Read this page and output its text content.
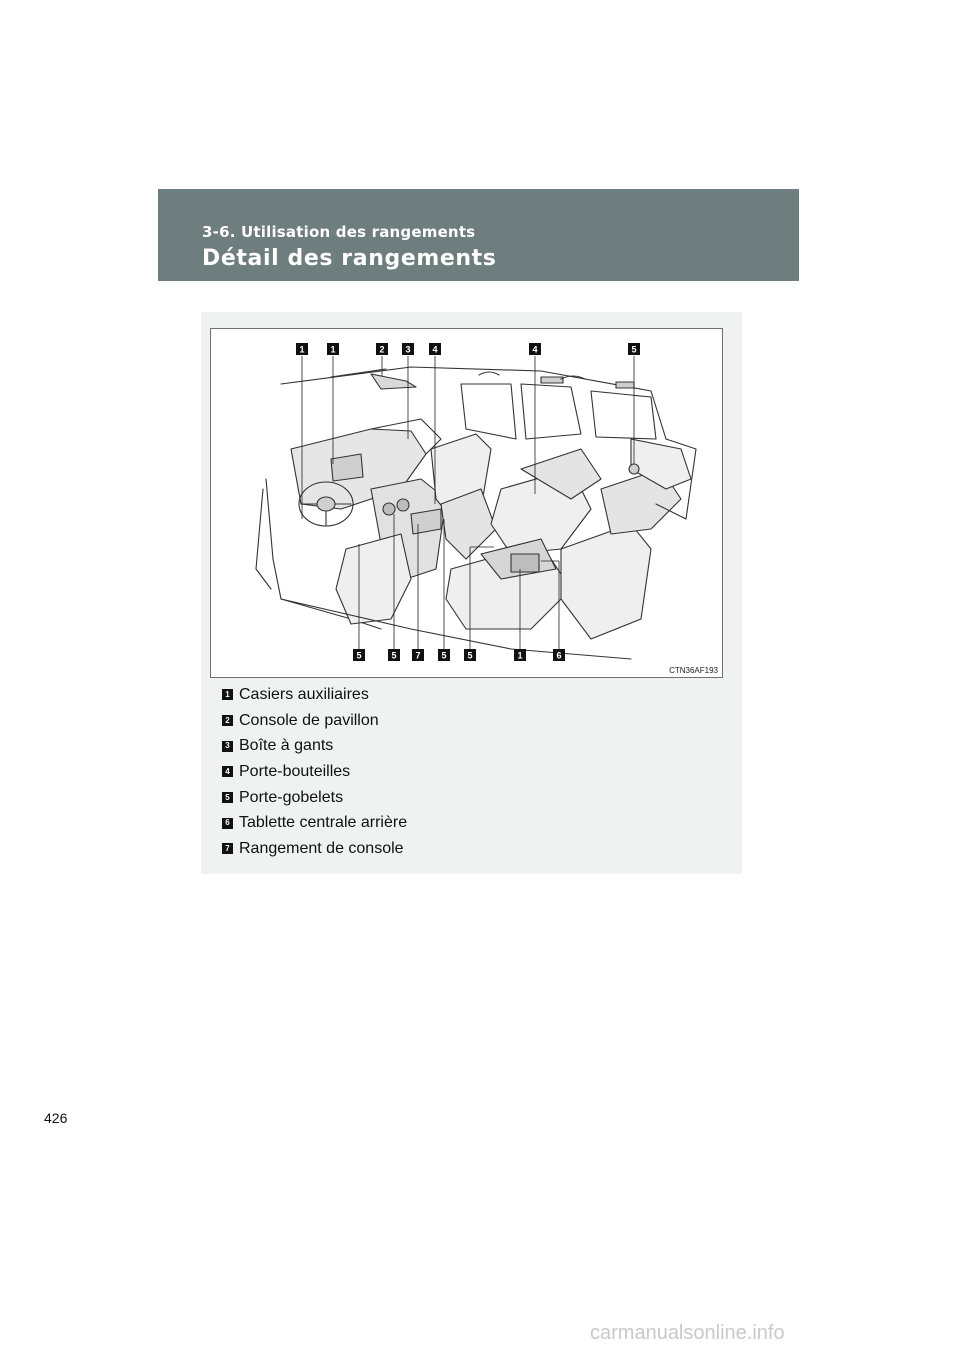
3-6. Utilisation des rangements
Détail des rangements
1	1	2 3 4	4	5
5	5 7 5 5	1	6
CTN36AF193
1 Casiers auxiliaires
2 Console de pavillon
3 Boîte à gants
4 Porte-bouteilles
5 Porte-gobelets
6 Tablette centrale arrière
7 Rangement de console
426
carmanualsonline.info
